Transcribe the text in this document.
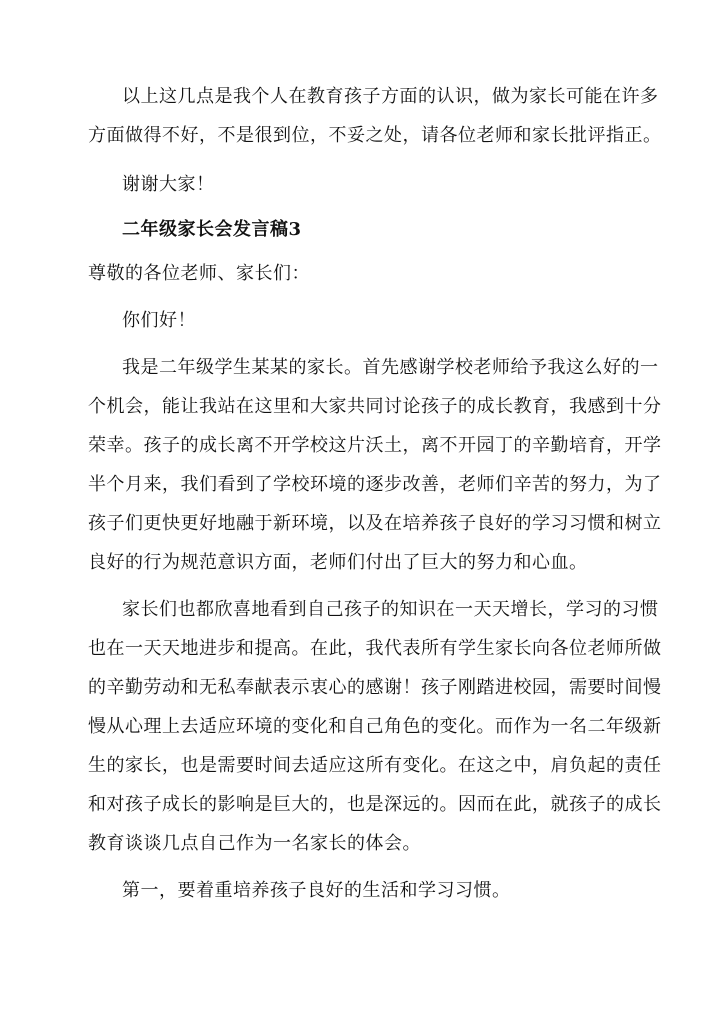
以上这几点是我个人在教育孩子方面的认识，做为家长可能在许多
方面做得不好，不是很到位，不妥之处，请各位老师和家长批评指正。
谢谢大家！
二年级家长会发言稿3
尊敬的各位老师、家长们：
你们好！
我是二年级学生某某的家长。首先感谢学校老师给予我这么好的一
个机会，能让我站在这里和大家共同讨论孩子的成长教育，我感到十分
荣幸。孩子的成长离不开学校这片沃土，离不开园丁的辛勤培育，开学
半个月来，我们看到了学校环境的逐步改善，老师们辛苦的努力，为了
孩子们更快更好地融于新环境，以及在培养孩子良好的学习习惯和树立
良好的行为规范意识方面，老师们付出了巨大的努力和心血。
家长们也都欣喜地看到自己孩子的知识在一天天增长，学习的习惯
也在一天天地进步和提高。在此，我代表所有学生家长向各位老师所做
的辛勤劳动和无私奉献表示衷心的感谢！孩子刚踏进校园，需要时间慢
慢从心理上去适应环境的变化和自己角色的变化。而作为一名二年级新
生的家长，也是需要时间去适应这所有变化。在这之中，肩负起的责任
和对孩子成长的影响是巨大的，也是深远的。因而在此，就孩子的成长
教育谈谈几点自己作为一名家长的体会。
第一，要着重培养孩子良好的生活和学习习惯。
